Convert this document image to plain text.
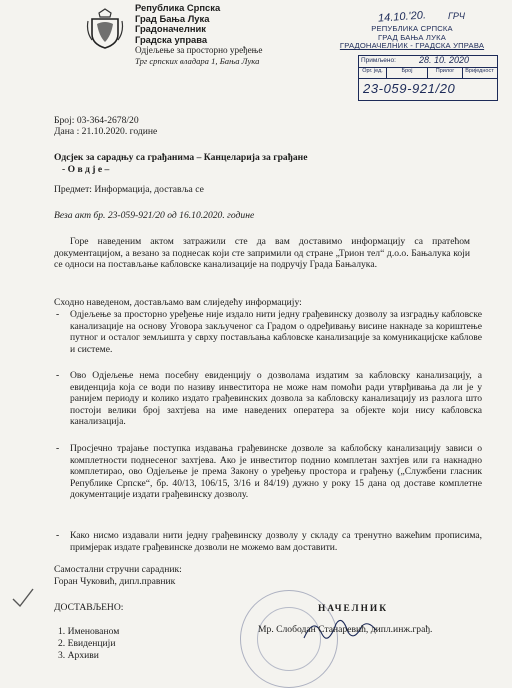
Република Српска
Град Бања Лука
Градоначелник
Градска управа
Одјељење за просторно уређење
Трг српских владара 1, Бања Лука
14.10.'20. ГРЧ
РЕПУБЛИКА СРПСКА
ГРАД БАЊА ЛУКА
ГРАДОНАЧЕЛНИК - ГРАДСКА УПРАВА
Примљено:	28. 10. 2020
Орг. јед.	Број	Прилог	Вриједност
23-059-921/20
Број: 03-364-2678/20
Дана : 21.10.2020. године
Одсјек за сарадњу са грађанима – Канцеларија за грађане
- О в д ј е –
Предмет: Информација, доставља се
Веза акт бр. 23-059-921/20 од 16.10.2020. године
Горе наведеним актом затражили сте да вам доставимо информацију са пратећом документацијом, а везано за поднесак који сте запримили од стране „Трион тел“ д.о.о. Бањалука који се односи на постављање кабловске канализације на подручју Града Бањалука.
Сходно наведеном, достављамо вам слиједећу информацију:
- Одјељење за просторно уређење није издало нити једну грађевинску дозволу за изградњу кабловске канализације на основу Уговора закљученог са Градом о одређивању висине накнаде за кориштење путног и осталог земљишта у сврху постављања кабловске канализације за комуникацијске каблове и системе.
- Ово Одјељење нема посебну евиденцију о дозволама издатим за кабловску канализацију, а евиденција која се води по називу инвеститора не може нам помоћи ради утврђивања да ли је у ранијем периоду и колико издато грађевинских дозвола за кабловску канализацију из разлога што постоји велики број захтјева на име наведених оператера за објекте који нису кабловска канализација.
- Просјечно трајање поступка издавања грађевинске дозволе за каблобску канализацију зависи о комплетности поднесеног захтјева. Ако је инвеститор поднио комплетан захтјев или га накнадно комплетирао, ово Одјељење је према Закону о уређењу простора и грађењу („Службени гласник Републике Српске“, бр. 40/13, 106/15, 3/16 и 84/19) дужно у року 15 дана од доставе комплетне документације издати грађевинску дозволу.
- Како нисмо издавали нити једну грађевинску дозволу у складу са тренутно важећим прописима, примјерак издате грађевинске дозволи не можемо вам доставити.
Самостални стручни сарадник:
Горан Чуковић, дипл.правник
ДОСТАВЉЕНО:
1. Именованом
2. Евиденцији
3. Архиви
НАЧЕЛНИК
Мр. Слободан Станаревић, дипл.инж.грађ.
